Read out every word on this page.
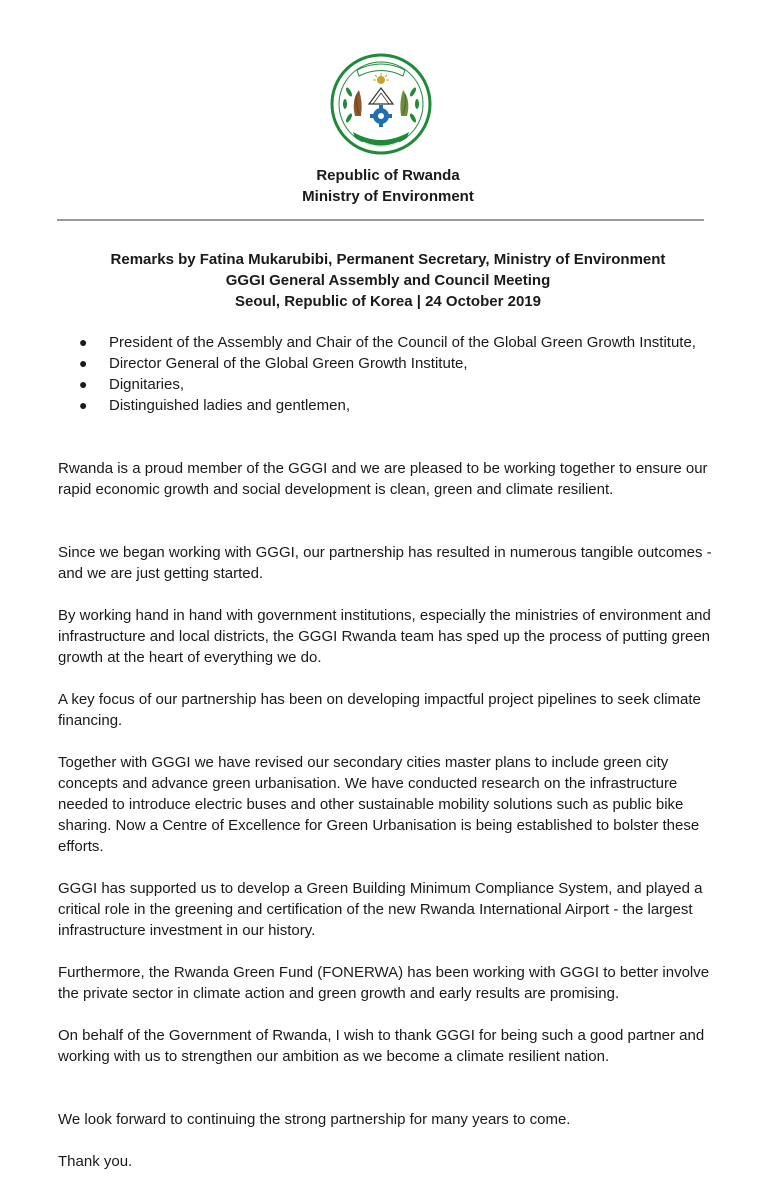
Republic of Rwanda
Ministry of Environment
Remarks by Fatina Mukarubibi, Permanent Secretary, Ministry of Environment
GGGI General Assembly and Council Meeting
Seoul, Republic of Korea | 24 October 2019
● President of the Assembly and Chair of the Council of the Global Green Growth Institute,
● Director General of the Global Green Growth Institute,
● Dignitaries,
● Distinguished ladies and gentlemen,
Rwanda is a proud member of the GGGI and we are pleased to be working together to ensure our rapid economic growth and social development is clean, green and climate resilient.
Since we began working with GGGI, our partnership has resulted in numerous tangible outcomes - and we are just getting started.
By working hand in hand with government institutions, especially the ministries of environment and infrastructure and local districts, the GGGI Rwanda team has sped up the process of putting green growth at the heart of everything we do.
A key focus of our partnership has been on developing impactful project pipelines to seek climate financing.
Together with GGGI we have revised our secondary cities master plans to include green city concepts and advance green urbanisation. We have conducted research on the infrastructure needed to introduce electric buses and other sustainable mobility solutions such as public bike sharing. Now a Centre of Excellence for Green Urbanisation is being established to bolster these efforts.
GGGI has supported us to develop a Green Building Minimum Compliance System, and played a critical role in the greening and certification of the new Rwanda International Airport - the largest infrastructure investment in our history.
Furthermore, the Rwanda Green Fund (FONERWA) has been working with GGGI to better involve the private sector in climate action and green growth and early results are promising.
On behalf of the Government of Rwanda, I wish to thank GGGI for being such a good partner and working with us to strengthen our ambition as we become a climate resilient nation.
We look forward to continuing the strong partnership for many years to come.
Thank you.
